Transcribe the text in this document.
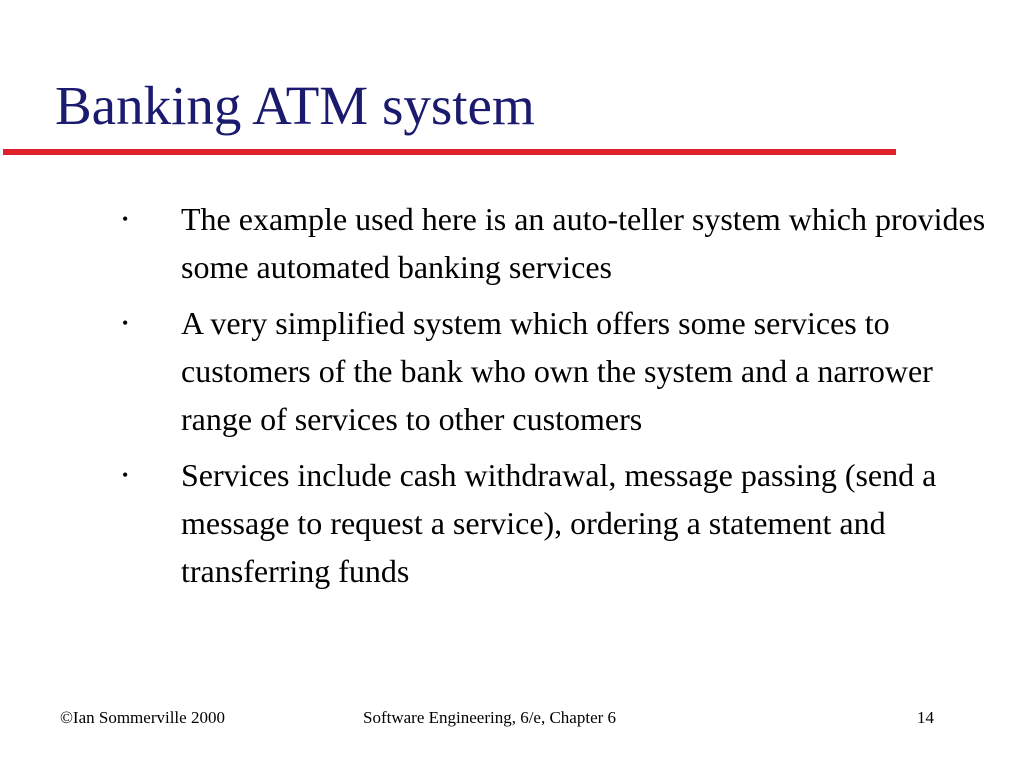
Banking ATM system
• The example used here is an auto-teller system which provides some automated banking services
• A very simplified system which offers some services to customers of the bank who own the system and a narrower range of services to other customers
• Services include cash withdrawal, message passing (send a message to request a service), ordering a statement and transferring funds
©Ian Sommerville 2000	Software Engineering, 6/e, Chapter 6	14
